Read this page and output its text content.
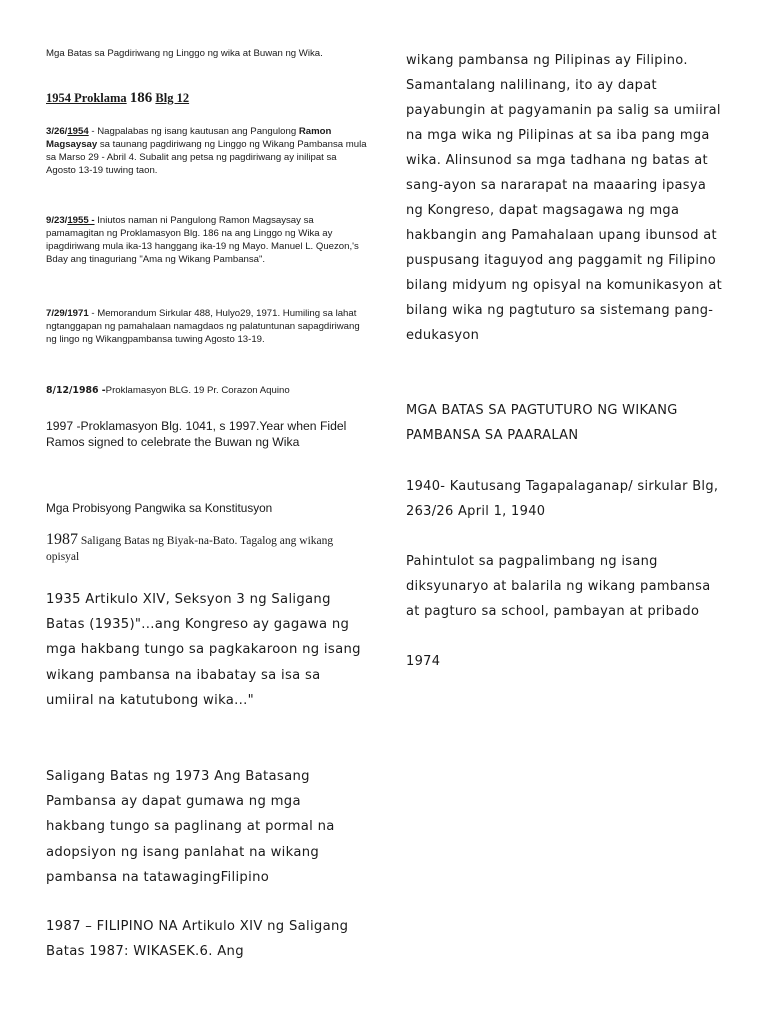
Mga Batas sa Pagdiriwang ng Linggo ng wika at Buwan ng Wika.

1954 Proklama 186 Blg 12

3/26/1954 - Nagpalabas ng isang kautusan ang Pangulong Ramon Magsaysay sa taunang pagdiriwang ng Linggo ng Wikang Pambansa mula sa Marso 29 - Abril 4. Subalit ang petsa ng pagdiriwang ay inilipat sa Agosto 13-19 tuwing taon.

9/23/1955 - Iniutos naman ni Pangulong Ramon Magsaysay sa pamamagitan ng Proklamasyon Blg. 186 na ang Linggo ng Wika ay ipagdiriwang mula ika-13 hanggang ika-19 ng Mayo. Manuel L. Quezon,'s Bday ang tinaguriang "Ama ng Wikang Pambansa".

7/29/1971 - Memorandum Sirkular 488, Hulyo29, 1971. Humiling sa lahat ngtanggapan ng pamahalaan namagdaos ng palatuntunan sapagdiriwang ng lingo ng Wikangpambansa tuwing Agosto 13-19.

8/12/1986 -Proklamasyon BLG. 19 Pr. Corazon Aquino

1997 -Proklamasyon Blg. 1041, s 1997.Year when Fidel Ramos signed to celebrate the Buwan ng Wika

Mga Probisyong Pangwika sa Konstitusyon

1987 Saligang Batas ng Biyak-na-Bato. Tagalog ang wikang opisyal

1935 Artikulo XIV, Seksyon 3 ng Saligang Batas (1935)"...ang Kongreso ay gagawa ng mga hakbang tungo sa pagkakaroon ng isang wikang pambansa na ibabatay sa isa sa umiiral na katutubong wika..."

Saligang Batas ng 1973 Ang Batasang Pambansa ay dapat gumawa ng mga hakbang tungo sa paglinang at pormal na adopsiyon ng isang panlahat na wikang pambansa na tatawagingFilipino

1987 – FILIPINO NA Artikulo XIV ng Saligang Batas 1987: WIKASEK.6. Ang

wikang pambansa ng Pilipinas ay Filipino. Samantalang nalilinang, ito ay dapat payabungin at pagyamanin pa salig sa umiiral na mga wika ng Pilipinas at sa iba pang mga wika. Alinsunod sa mga tadhana ng batas at sang-ayon sa nararapat na maaaring ipasya ng Kongreso, dapat magsagawa ng mga hakbangin ang Pamahalaan upang ibunsod at puspusang itaguyod ang paggamit ng Filipino bilang midyum ng opisyal na komunikasyon at bilang wika ng pagtuturo sa sistemang pang-edukasyon

MGA BATAS SA PAGTUTURO NG WIKANG PAMBANSA SA PAARALAN

1940- Kautusang Tagapalaganap/ sirkular Blg, 263/26 April 1, 1940

Pahintulot sa pagpalimbang ng isang diksyunaryo at balarila ng wikang pambansa at pagturo sa school, pambayan at pribado

1974
